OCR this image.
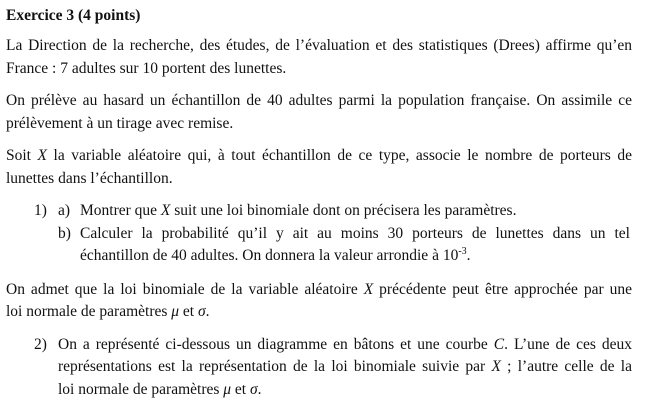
Exercice 3 (4 points)
La Direction de la recherche, des études, de l’évaluation et des statistiques (Drees) affirme qu’en
France : 7 adultes sur 10 portent des lunettes.
On prélève au hasard un échantillon de 40 adultes parmi la population française. On assimile ce
prélèvement à un tirage avec remise.
Soit X la variable aléatoire qui, à tout échantillon de ce type, associe le nombre de porteurs de
lunettes dans l’échantillon.
1) a) Montrer que X suit une loi binomiale dont on précisera les paramètres.
b) Calculer la probabilité qu’il y ait au moins 30 porteurs de lunettes dans un tel
échantillon de 40 adultes. On donnera la valeur arrondie à $10^{-3}$.
On admet que la loi binomiale de la variable aléatoire X précédente peut être approchée par une
loi normale de paramètres μ et σ.
2) On a représenté ci-dessous un diagramme en bâtons et une courbe C. L’une de ces deux
représentations est la représentation de la loi binomiale suivie par X ; l’autre celle de la
loi normale de paramètres μ et σ.
